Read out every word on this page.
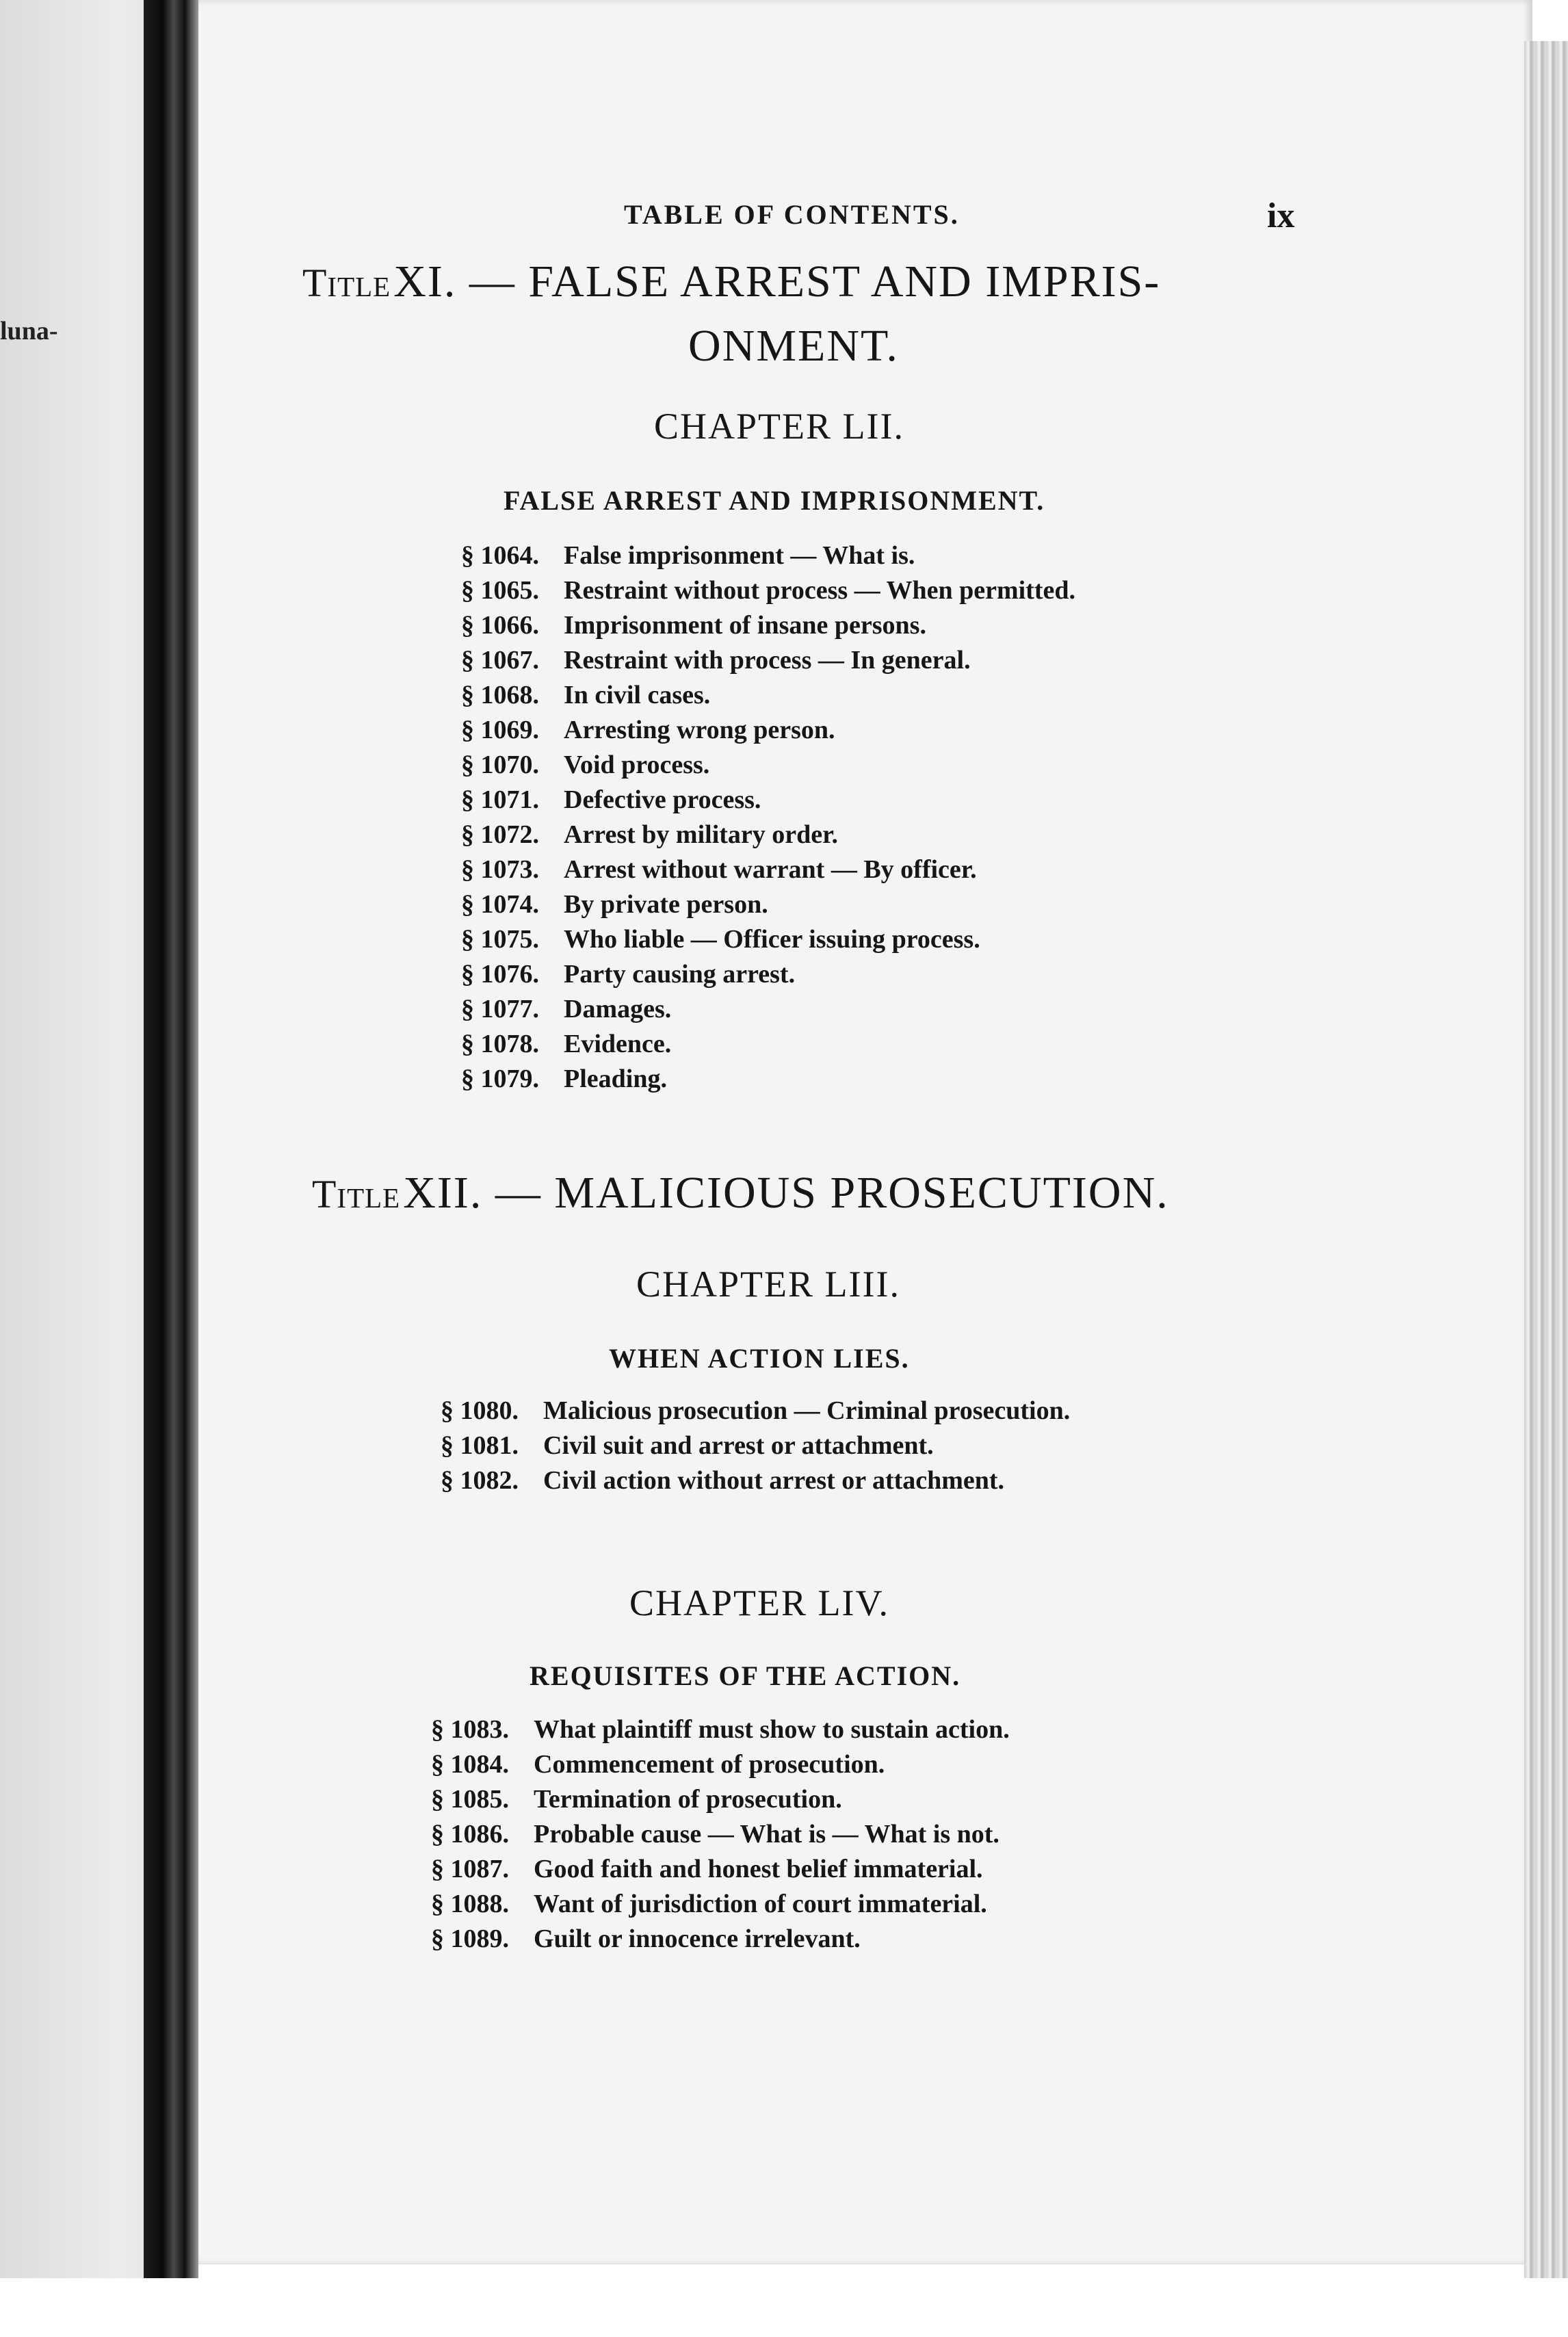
luna-
TABLE OF CONTENTS.	ix
Title XI. — FALSE ARREST AND IMPRIS-
ONMENT.
CHAPTER LII.
FALSE ARREST AND IMPRISONMENT.
§ 1064. False imprisonment — What is.
§ 1065. Restraint without process — When permitted.
§ 1066. Imprisonment of insane persons.
§ 1067. Restraint with process — In general.
§ 1068. In civil cases.
§ 1069. Arresting wrong person.
§ 1070. Void process.
§ 1071. Defective process.
§ 1072. Arrest by military order.
§ 1073. Arrest without warrant — By officer.
§ 1074. By private person.
§ 1075. Who liable — Officer issuing process.
§ 1076. Party causing arrest.
§ 1077. Damages.
§ 1078. Evidence.
§ 1079. Pleading.
Title XII. — MALICIOUS PROSECUTION.
CHAPTER LIII.
WHEN ACTION LIES.
§ 1080. Malicious prosecution — Criminal prosecution.
§ 1081. Civil suit and arrest or attachment.
§ 1082. Civil action without arrest or attachment.
CHAPTER LIV.
REQUISITES OF THE ACTION.
§ 1083. What plaintiff must show to sustain action.
§ 1084. Commencement of prosecution.
§ 1085. Termination of prosecution.
§ 1086. Probable cause — What is — What is not.
§ 1087. Good faith and honest belief immaterial.
§ 1088. Want of jurisdiction of court immaterial.
§ 1089. Guilt or innocence irrelevant.
